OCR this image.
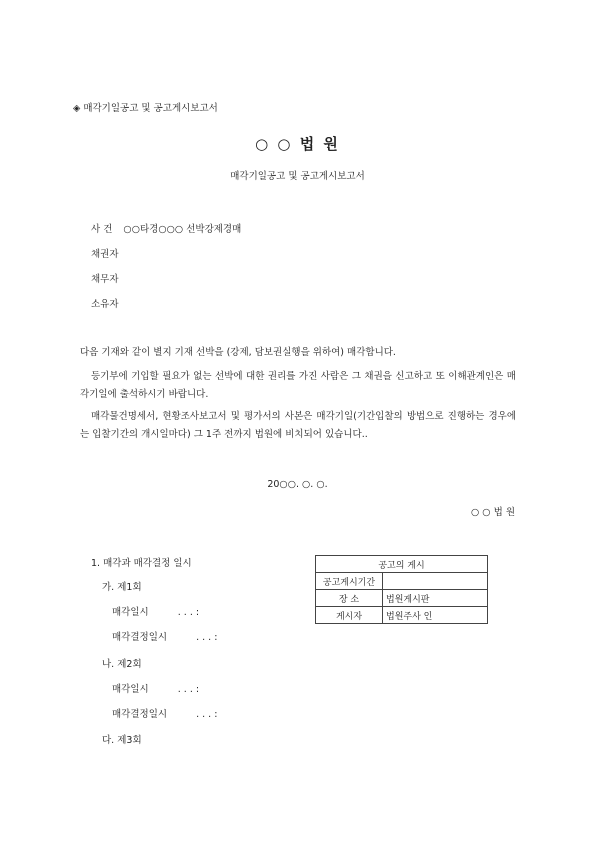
◈ 매각기일공고 및 공고게시보고서
○ ○ 법 원
매각기일공고 및 공고게시보고서
사 건 ○○타경○○○ 선박강제경매
채권자
채무자
소유자
다음 기재와 같이 별지 기재 선박을 (강제, 담보권실행을 위하여) 매각합니다.
등기부에 기입할 필요가 없는 선박에 대한 권리를 가진 사람은 그 채권을 신고하고 또 이해관계인은 매각기일에 출석하시기 바랍니다.
매각물건명세서, 현황조사보고서 및 평가서의 사본은 매각기일(기간입찰의 방법으로 진행하는 경우에는 입찰기간의 개시일마다) 그 1주 전까지 법원에 비치되어 있습니다..
20○○. ○. ○.
○ ○ 법 원
1. 매각과 매각결정 일시
가. 제1회
매각일시	. . . :
매각결정일시	. . . :
나. 제2회
매각일시	. . . :
매각결정일시	. . . :
다. 제3회
공고의 게시	
공고게시기간	
장 소	법원게시판
게시자	법원주사 인
